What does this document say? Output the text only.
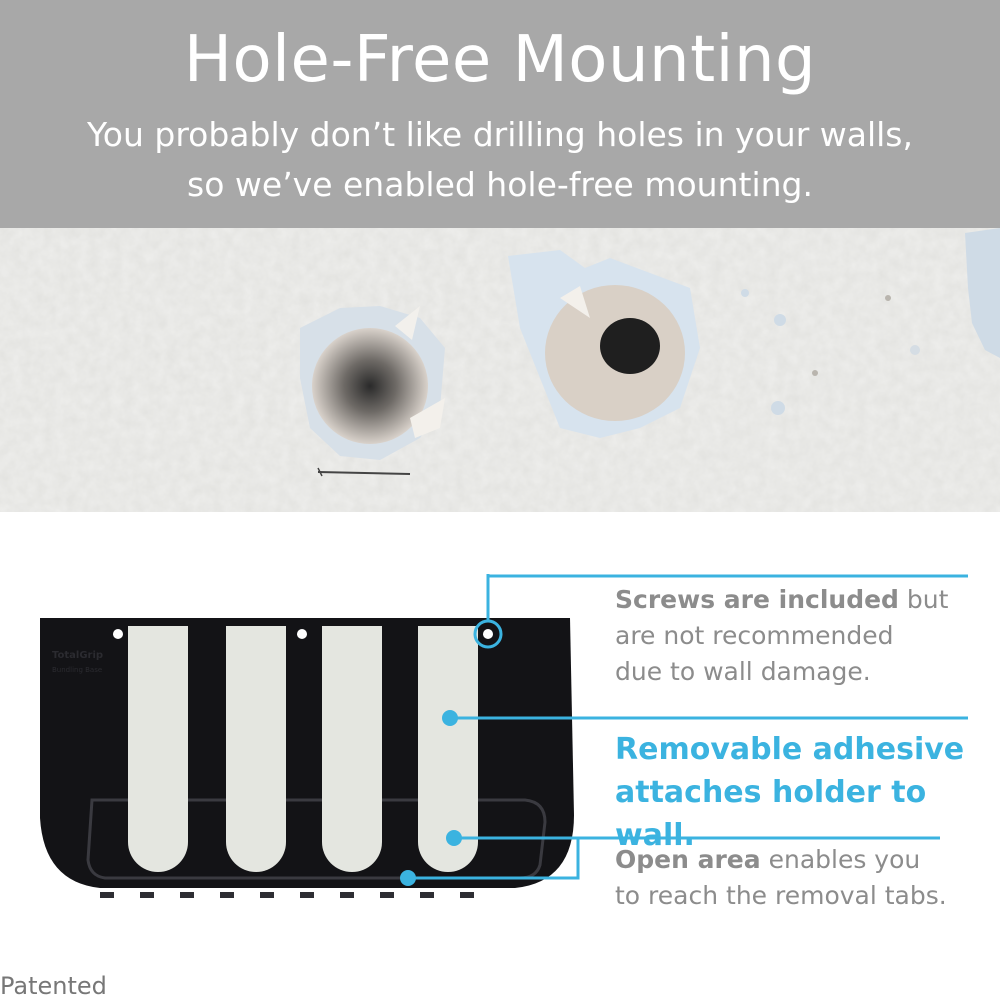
Hole-Free Mounting
You probably don’t like drilling holes in your walls,
so we’ve enabled hole-free mounting.
TotalGrip
Bundling Base
Screws are included but
are not recommended
due to wall damage.
Removable adhesive
attaches holder to wall.
Open area enables you
to reach the removal tabs.
Patented
